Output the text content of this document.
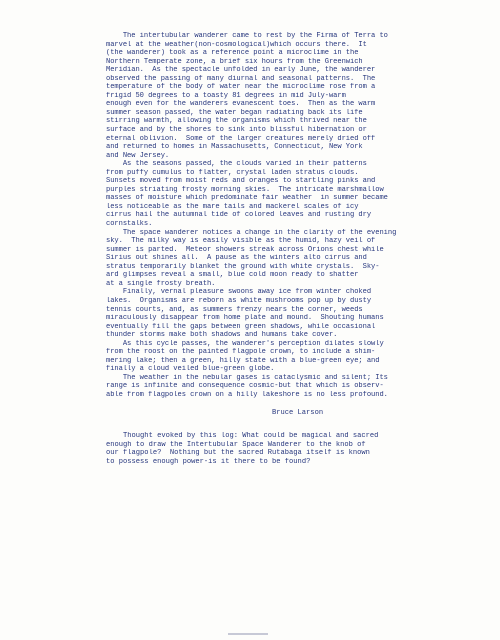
The intertubular wanderer came to rest by the Firma of Terra to
marvel at the weather(non-cosmological)which occurs there.  It
(the wanderer) took as a reference point a microclime in the
Northern Temperate zone, a brief six hours from the Greenwich
Meridian.  As the spectacle unfolded in early June, the wanderer
observed the passing of many diurnal and seasonal patterns.  The
temperature of the body of water near the microclime rose from a
frigid 50 degrees to a toasty 81 degrees in mid July-warm
enough even for the wanderers evanescent toes.  Then as the warm
summer season passed, the water began radiating back its life
stirring warmth, allowing the organisms which thrived near the
surface and by the shores to sink into blissful hibernation or
eternal oblivion.  Some of the larger creatures merely dried off
and returned to homes in Massachusetts, Connecticut, New York
and New Jersey.
As the seasons passed, the clouds varied in their patterns
from puffy cumulus to flatter, crystal laden stratus clouds.
Sunsets moved from moist reds and oranges to startling pinks and
purples striating frosty morning skies.  The intricate marshmallow
masses of moisture which predominate fair weather  in summer became
less noticeable as the mare tails and mackerel scales of icy
cirrus hail the autumnal tide of colored leaves and rusting dry
cornstalks.
The space wanderer notices a change in the clarity of the evening
sky.  The milky way is easily visible as the humid, hazy veil of
summer is parted.  Meteor showers streak across Orions chest while
Sirius out shines all.  A pause as the winters alto cirrus and
stratus temporarily blanket the ground with white crystals.  Sky-
ard glimpses reveal a small, blue cold moon ready to shatter
at a single frosty breath.
Finally, vernal pleasure swoons away ice from winter choked
lakes.  Organisms are reborn as white mushrooms pop up by dusty
tennis courts, and, as summers frenzy nears the corner, weeds
miraculously disappear from home plate and mound.  Shouting humans
eventually fill the gaps between green shadows, while occasional
thunder storms make both shadows and humans take cover.
As this cycle passes, the wanderer's perception dilates slowly
from the roost on the painted flagpole crown, to include a shim-
mering lake; then a green, hilly state with a blue-green eye; and
finally a cloud veiled blue-green globe.
The weather in the nebular gases is cataclysmic and silent; Its
range is infinite and consequence cosmic-but that which is observ-
able from flagpoles crown on a hilly lakeshore is no less profound.
Bruce Larson
Thought evoked by this log: What could be magical and sacred
enough to draw the Intertubular Space Wanderer to the knob of
our flagpole?  Nothing but the sacred Rutabaga itself is known
to possess enough power-is it there to be found?
